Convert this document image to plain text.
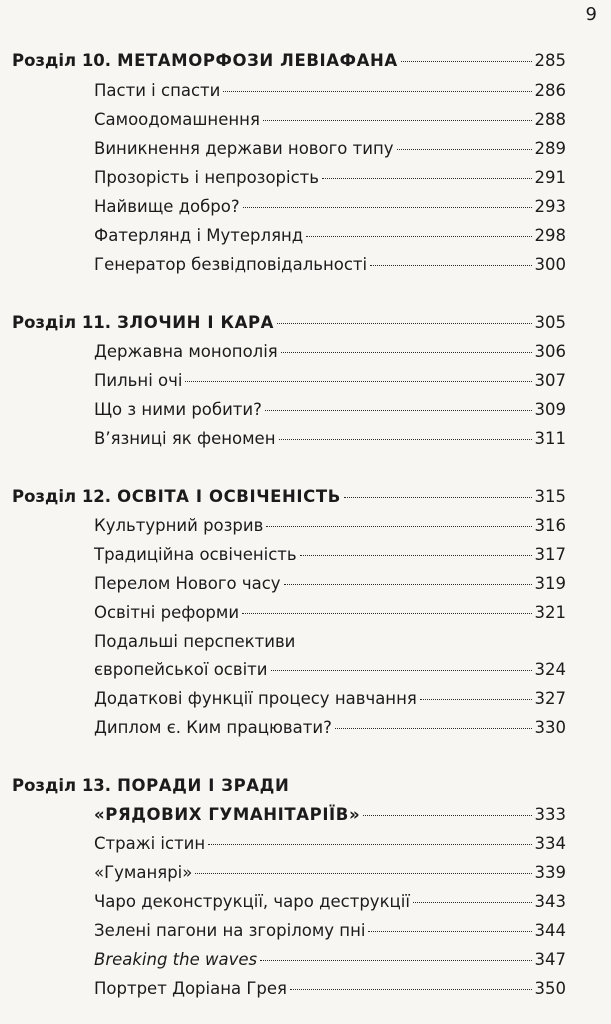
9
Розділ 10. МЕТАМОРФОЗИ ЛЕВІАФАНА	285
Пасти і спасти	286
Самоодомашнення	288
Виникнення держави нового типу	289
Прозорість і непрозорість	291
Найвище добро?	293
Фатерлянд і Мутерлянд	298
Генератор безвідповідальності	300
Розділ 11. ЗЛОЧИН І КАРА	305
Державна монополія	306
Пильні очі	307
Що з ними робити?	309
В’язниці як феномен	311
Розділ 12. ОСВІТА І ОСВІЧЕНІСТЬ	315
Культурний розрив	316
Традиційна освіченість	317
Перелом Нового часу	319
Освітні реформи	321
Подальші перспективи
європейської освіти	324
Додаткові функції процесу навчання	327
Диплом є. Ким працювати?	330
Розділ 13. ПОРАДИ І ЗРАДИ
«РЯДОВИХ ГУМАНІТАРІЇВ»	333
Стражі істин	334
«Гуманярі»	339
Чаро деконструкції, чаро деструкції	343
Зелені пагони на згорілому пні	344
Breaking the waves	347
Портрет Доріана Грея	350
